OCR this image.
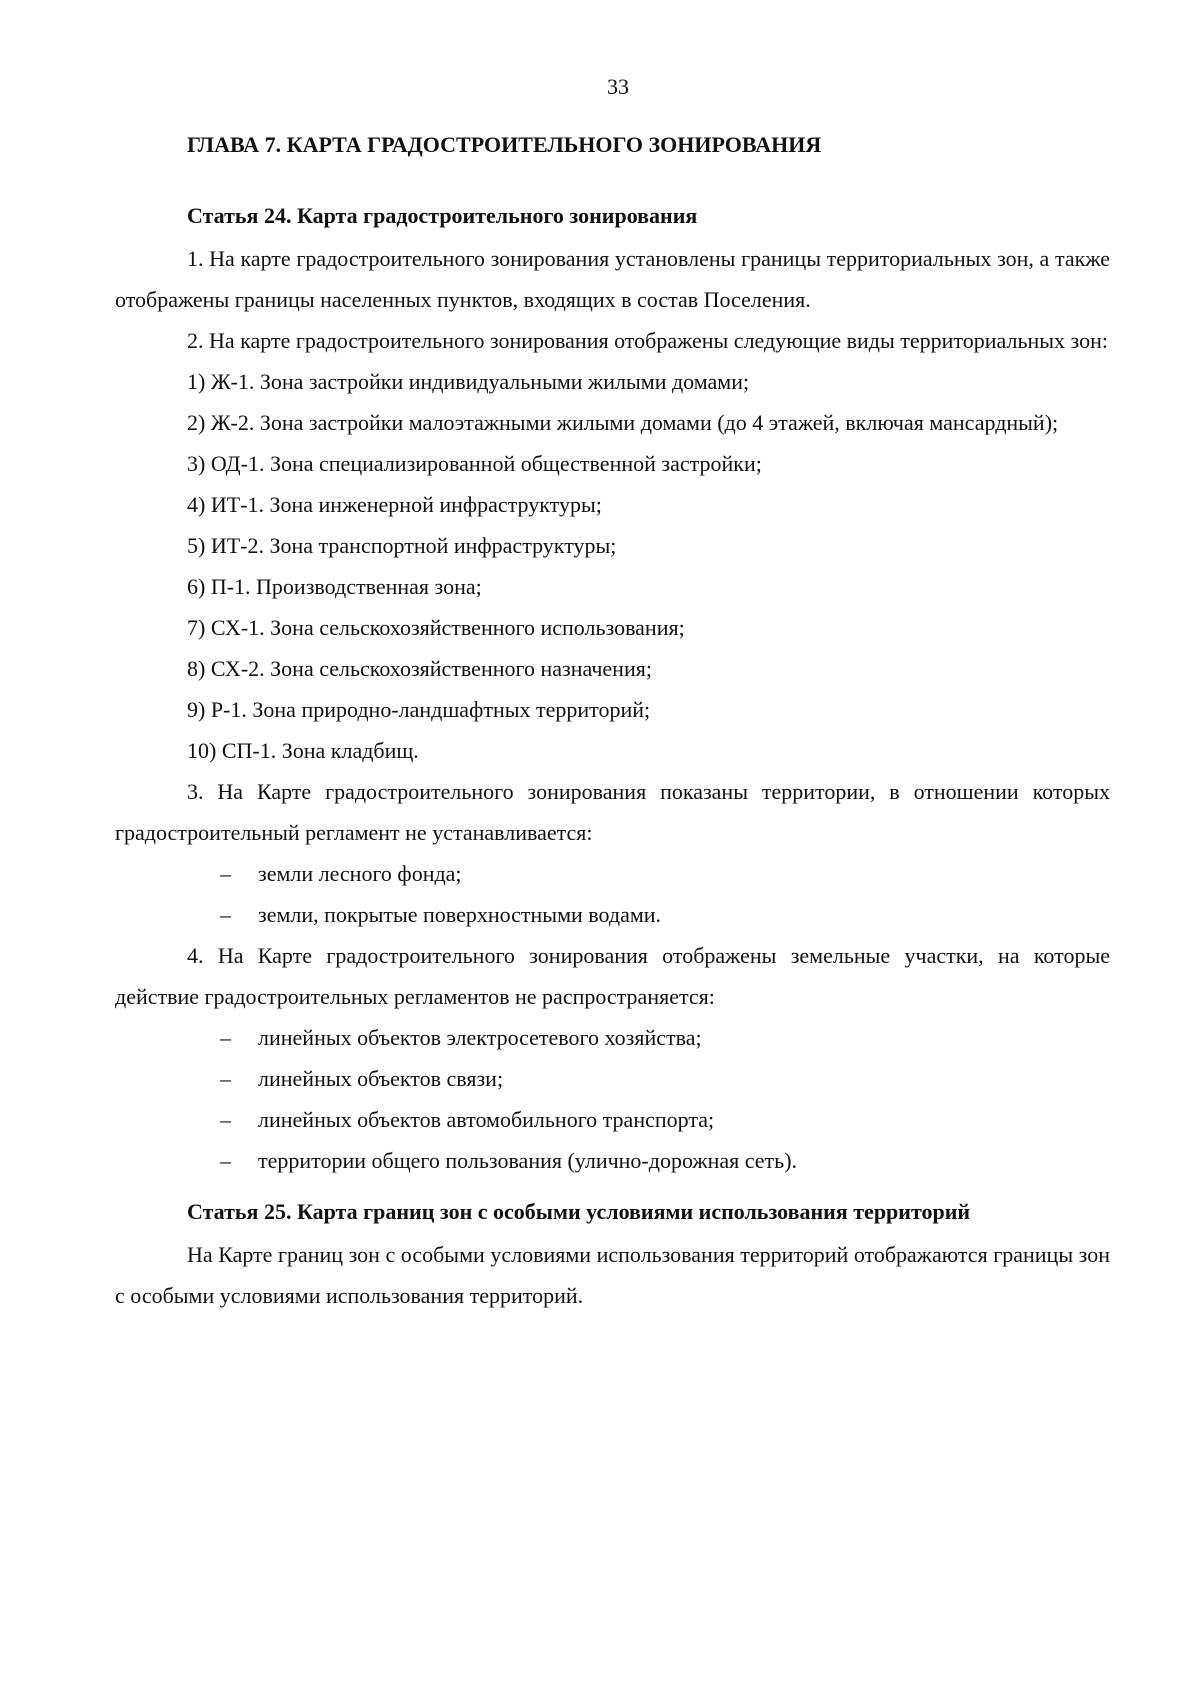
33

ГЛАВА 7. КАРТА ГРАДОСТРОИТЕЛЬНОГО ЗОНИРОВАНИЯ

Статья 24. Карта градостроительного зонирования

1. На карте градостроительного зонирования установлены границы территориальных зон, а также отображены границы населенных пунктов, входящих в состав Поселения.

2. На карте градостроительного зонирования отображены следующие виды территориальных зон:

1) Ж-1. Зона застройки индивидуальными жилыми домами;

2) Ж-2. Зона застройки малоэтажными жилыми домами (до 4 этажей, включая мансардный);

3) ОД-1. Зона специализированной общественной застройки;

4) ИТ-1. Зона инженерной инфраструктуры;

5) ИТ-2. Зона транспортной инфраструктуры;

6) П-1. Производственная зона;

7) СХ-1. Зона сельскохозяйственного использования;

8) СХ-2. Зона сельскохозяйственного назначения;

9) Р-1. Зона природно-ландшафтных территорий;

10) СП-1. Зона кладбищ.

3. На Карте градостроительного зонирования показаны территории, в отношении которых градостроительный регламент не устанавливается:

– земли лесного фонда;

– земли, покрытые поверхностными водами.

4. На Карте градостроительного зонирования отображены земельные участки, на которые действие градостроительных регламентов не распространяется:

– линейных объектов электросетевого хозяйства;

– линейных объектов связи;

– линейных объектов автомобильного транспорта;

– территории общего пользования (улично-дорожная сеть).

Статья 25. Карта границ зон с особыми условиями использования территорий

На Карте границ зон с особыми условиями использования территорий отображаются границы зон с особыми условиями использования территорий.
